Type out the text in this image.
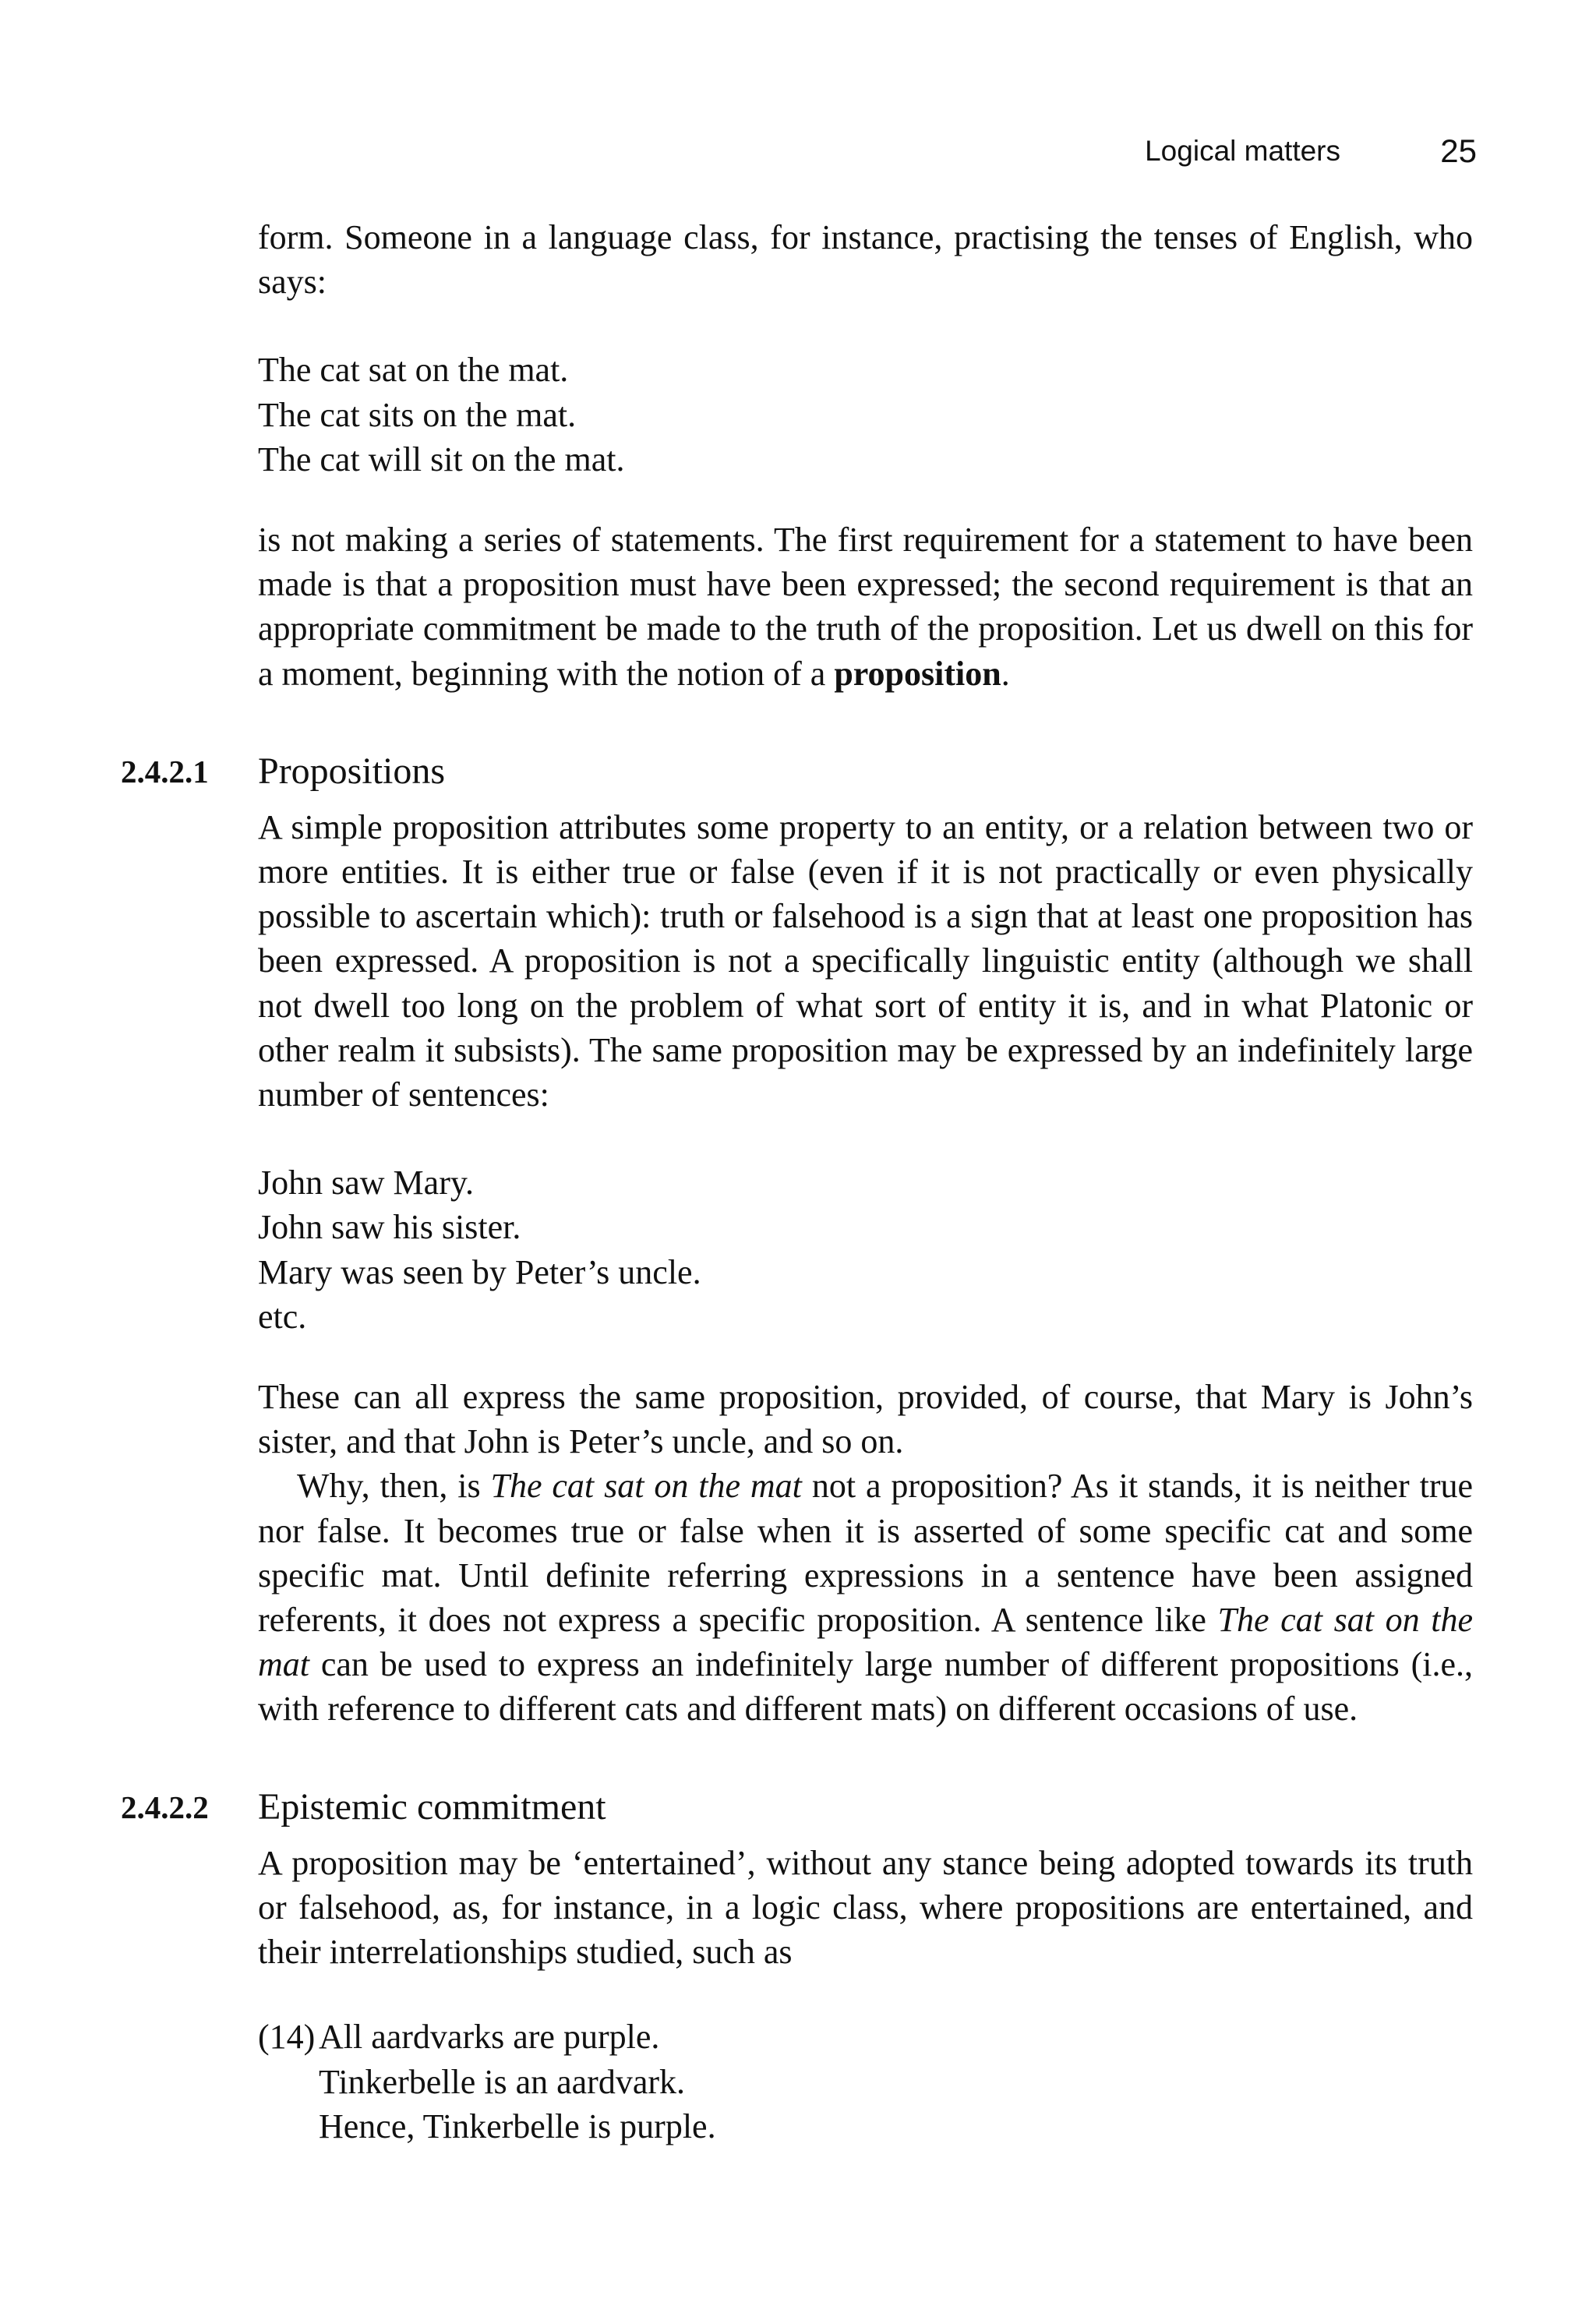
Logical matters	25

form. Someone in a language class, for instance, practising the tenses of English, who says:

The cat sat on the mat.
The cat sits on the mat.
The cat will sit on the mat.

is not making a series of statements. The first requirement for a statement to have been made is that a proposition must have been expressed; the second requirement is that an appropriate commitment be made to the truth of the proposition. Let us dwell on this for a moment, beginning with the notion of a proposition.

2.4.2.1 Propositions

A simple proposition attributes some property to an entity, or a relation between two or more entities. It is either true or false (even if it is not practically or even physically possible to ascertain which): truth or falsehood is a sign that at least one proposition has been expressed. A proposition is not a specifically linguistic entity (although we shall not dwell too long on the problem of what sort of entity it is, and in what Platonic or other realm it subsists). The same proposition may be expressed by an indefinitely large number of sentences:

John saw Mary.
John saw his sister.
Mary was seen by Peter’s uncle.
etc.

These can all express the same proposition, provided, of course, that Mary is John’s sister, and that John is Peter’s uncle, and so on.

Why, then, is The cat sat on the mat not a proposition? As it stands, it is neither true nor false. It becomes true or false when it is asserted of some specific cat and some specific mat. Until definite referring expressions in a sentence have been assigned referents, it does not express a specific proposition. A sentence like The cat sat on the mat can be used to express an indefinitely large number of different propositions (i.e., with reference to different cats and different mats) on different occasions of use.

2.4.2.2 Epistemic commitment

A proposition may be ‘entertained’, without any stance being adopted towards its truth or falsehood, as, for instance, in a logic class, where propositions are entertained, and their interrelationships studied, such as

(14) All aardvarks are purple.
Tinkerbelle is an aardvark.
Hence, Tinkerbelle is purple.
